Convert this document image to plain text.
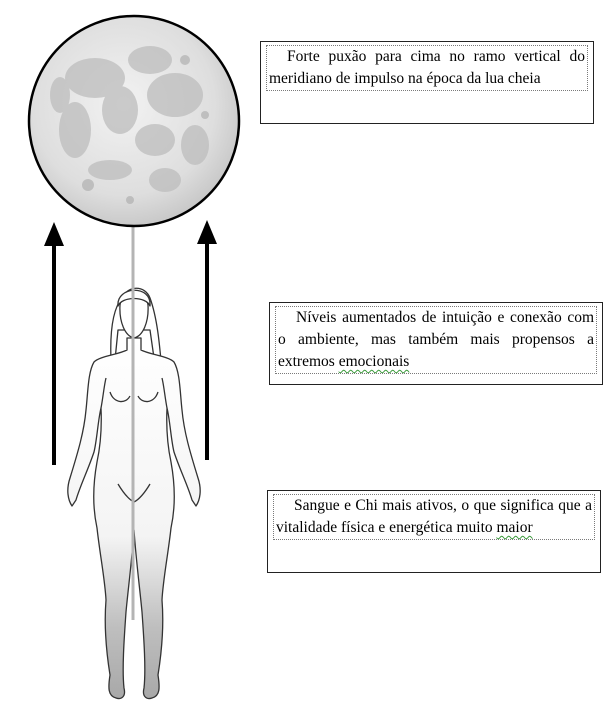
Forte puxão para cima no ramo vertical do meridiano de impulso na época da lua cheia
Níveis aumentados de intuição e conexão com o ambiente, mas também mais propensos a extremos emocionais
Sangue e Chi mais ativos, o que significa que a vitalidade física e energética muito maior
